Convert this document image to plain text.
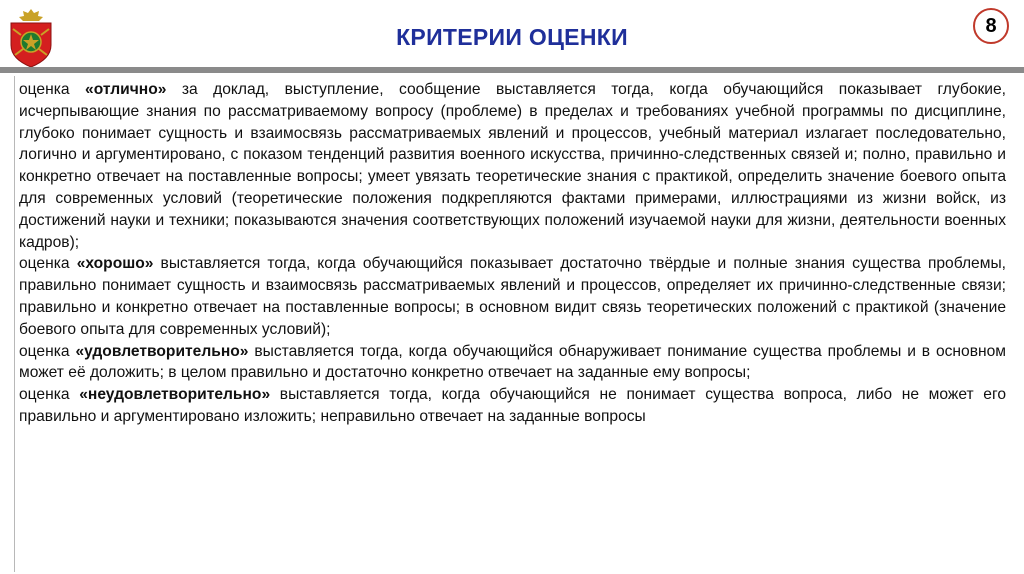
КРИТЕРИИ ОЦЕНКИ	8

оценка «отлично» за доклад, выступление, сообщение выставляется тогда, когда обучающийся показывает глубокие, исчерпывающие знания по рассматриваемому вопросу (проблеме) в пределах и требованиях учебной программы по дисциплине, глубоко понимает сущность и взаимосвязь рассматриваемых явлений и процессов, учебный материал излагает последовательно, логично и аргументировано, с показом тенденций развития военного искусства, причинно-следственных связей и; полно, правильно и конкретно отвечает на поставленные вопросы; умеет увязать теоретические знания с практикой, определить значение боевого опыта для современных условий (теоретические положения подкрепляются фактами примерами, иллюстрациями из жизни войск, из достижений науки и техники; показываются значения соответствующих положений изучаемой науки для жизни, деятельности военных кадров);

оценка «хорошо» выставляется тогда, когда обучающийся показывает достаточно твёрдые и полные знания существа проблемы, правильно понимает сущность и взаимосвязь рассматриваемых явлений и процессов, определяет их причинно-следственные связи; правильно и конкретно отвечает на поставленные вопросы; в основном видит связь теоретических положений с практикой (значение боевого опыта для современных условий);

оценка «удовлетворительно» выставляется тогда, когда обучающийся обнаруживает понимание существа проблемы и в основном может её доложить; в целом правильно и достаточно конкретно отвечает на заданные ему вопросы;

оценка «неудовлетворительно» выставляется тогда, когда обучающийся не понимает существа вопроса, либо не может его правильно и аргументировано изложить; неправильно отвечает на заданные вопросы
